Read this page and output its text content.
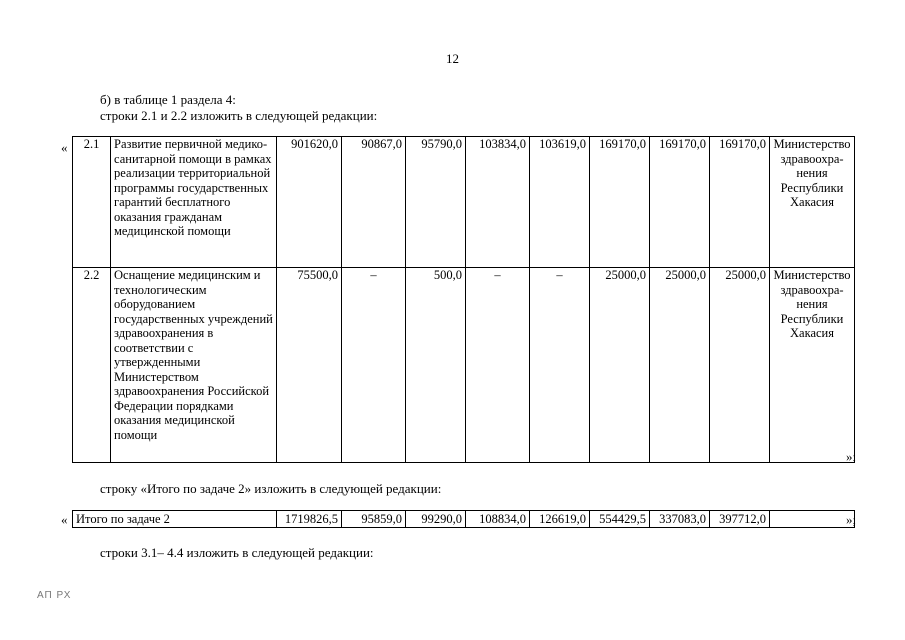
12
б) в таблице 1 раздела 4:
строки 2.1 и 2.2 изложить в следующей редакции:
« 2.1	Развитие первичной медико-санитарной помощи в рамках реализации территориальной программы государственных гарантий бесплатного оказания гражданам медицинской помощи	901620,0	90867,0	95790,0	103834,0	103619,0	169170,0	169170,0	169170,0	Министерство здравоохра-нения Республики Хакасия
2.2	Оснащение медицинским и технологическим оборудованием государственных учреждений здравоохранения в соответствии с утвержденными Министерством здравоохранения Российской Федерации порядками оказания медицинской помощи	75500,0	–	500,0	–	–	25000,0	25000,0	25000,0	Министерство здравоохра-нения Республики Хакасия
»;
строку «Итого по задаче 2» изложить в следующей редакции:
« Итого по задаче 2	1719826,5	95859,0	99290,0	108834,0	126619,0	554429,5	337083,0	397712,0		»;
строки 3.1– 4.4 изложить в следующей редакции:
АП РХ
